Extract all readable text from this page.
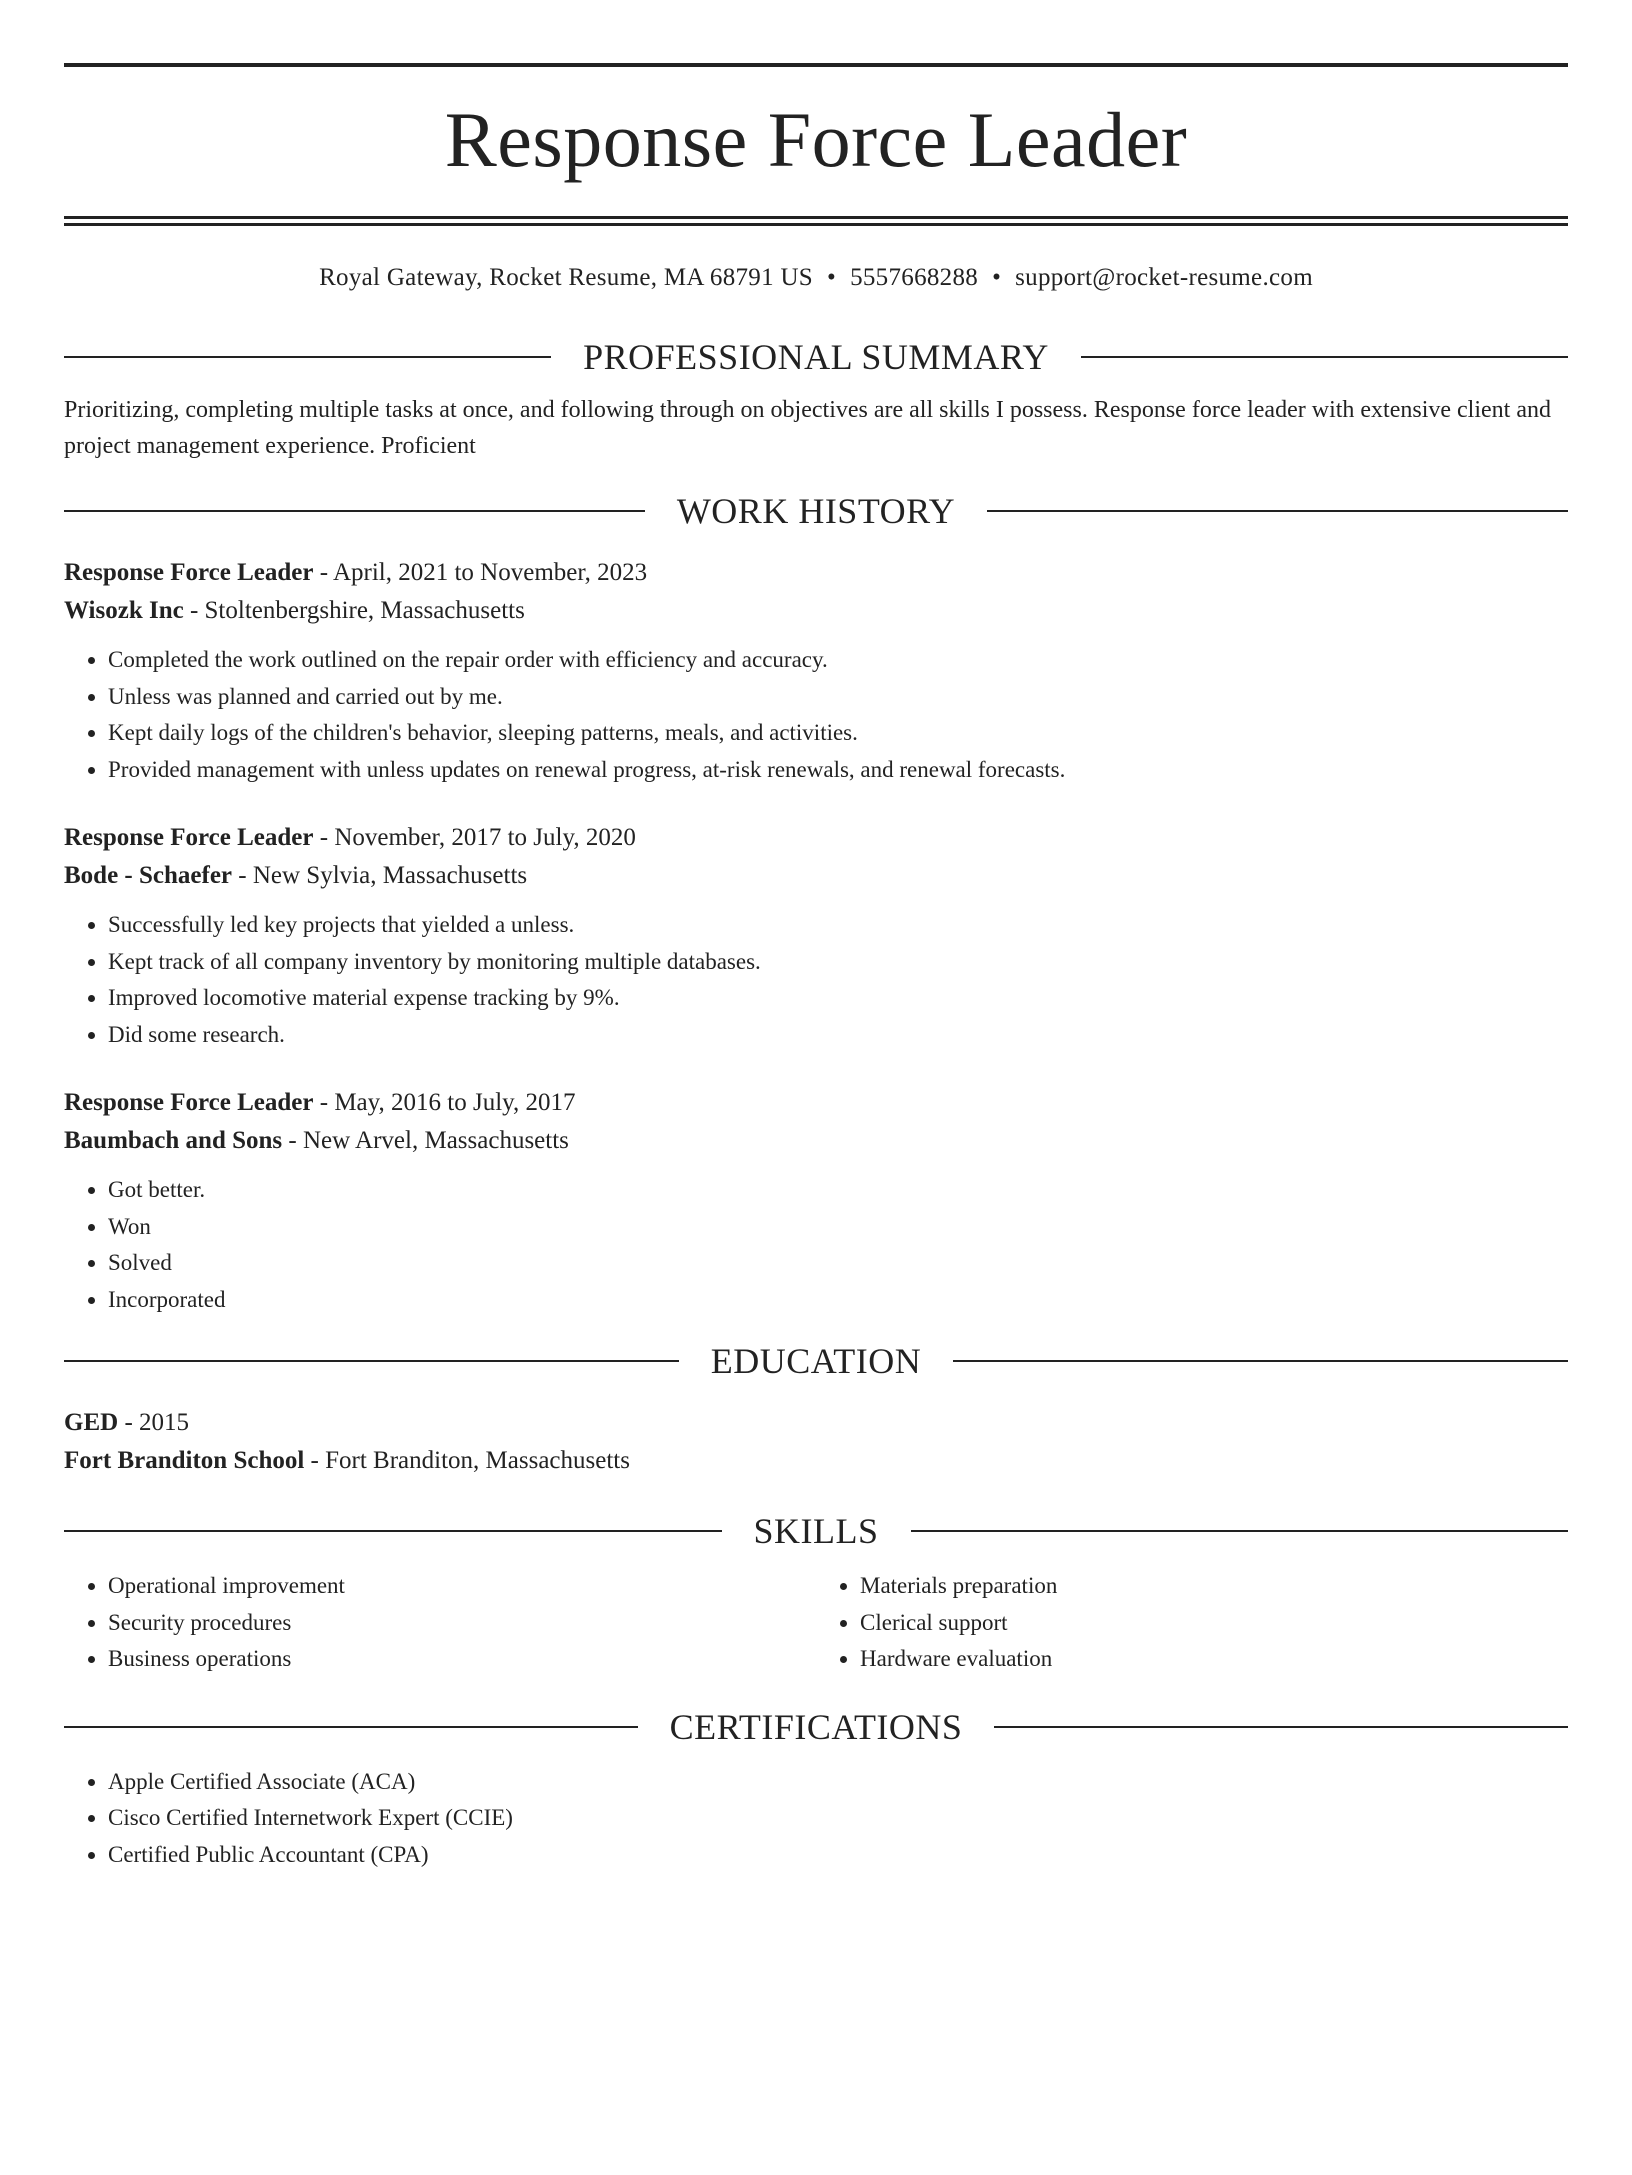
Response Force Leader
Royal Gateway, Rocket Resume, MA 68791 US • 5557668288 • support@rocket-resume.com
PROFESSIONAL SUMMARY
Prioritizing, completing multiple tasks at once, and following through on objectives are all skills I possess. Response force leader with extensive client and project management experience. Proficient
WORK HISTORY
Response Force Leader - April, 2021 to November, 2023
Wisozk Inc - Stoltenbergshire, Massachusetts
• Completed the work outlined on the repair order with efficiency and accuracy.
• Unless was planned and carried out by me.
• Kept daily logs of the children's behavior, sleeping patterns, meals, and activities.
• Provided management with unless updates on renewal progress, at-risk renewals, and renewal forecasts.
Response Force Leader - November, 2017 to July, 2020
Bode - Schaefer - New Sylvia, Massachusetts
• Successfully led key projects that yielded a unless.
• Kept track of all company inventory by monitoring multiple databases.
• Improved locomotive material expense tracking by 9%.
• Did some research.
Response Force Leader - May, 2016 to July, 2017
Baumbach and Sons - New Arvel, Massachusetts
• Got better.
• Won
• Solved
• Incorporated
EDUCATION
GED - 2015
Fort Branditon School - Fort Branditon, Massachusetts
SKILLS
• Operational improvement
• Security procedures
• Business operations
• Materials preparation
• Clerical support
• Hardware evaluation
CERTIFICATIONS
• Apple Certified Associate (ACA)
• Cisco Certified Internetwork Expert (CCIE)
• Certified Public Accountant (CPA)
